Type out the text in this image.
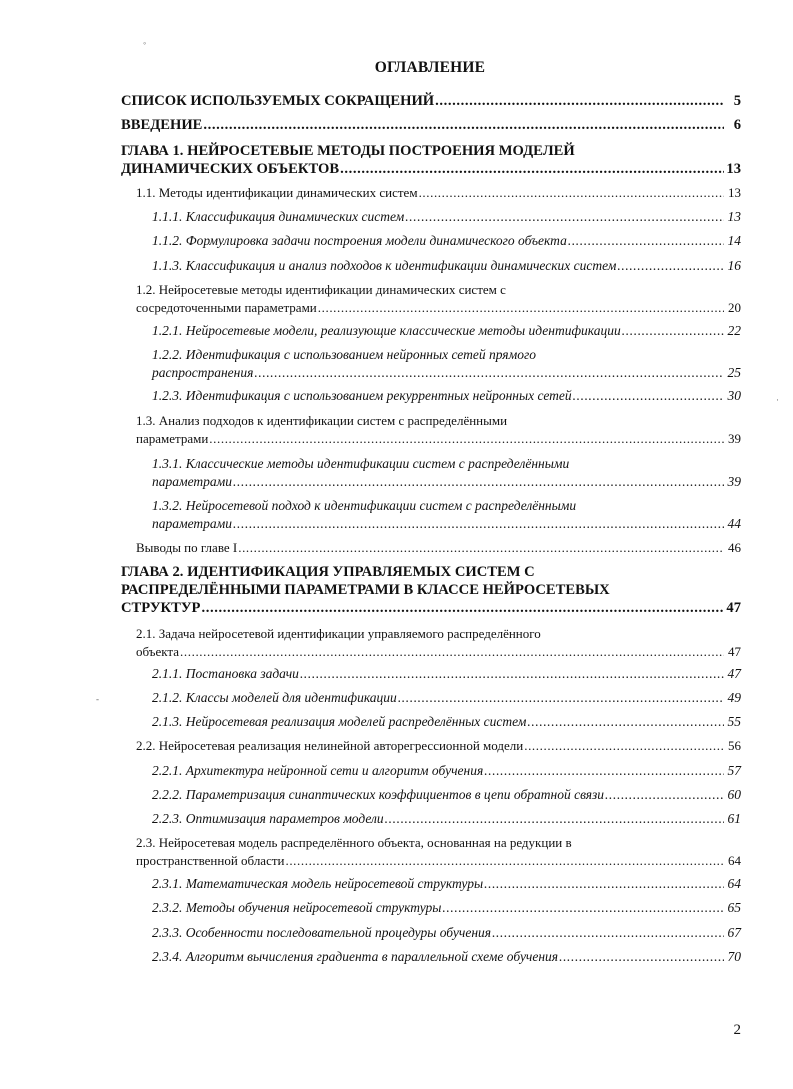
ОГЛАВЛЕНИЕ
СПИСОК ИСПОЛЬЗУЕМЫХ СОКРАЩЕНИЙ .....	5
ВВЕДЕНИЕ .....	6
ГЛАВА 1. НЕЙРОСЕТЕВЫЕ МЕТОДЫ ПОСТРОЕНИЯ МОДЕЛЕЙ
ДИНАМИЧЕСКИХ ОБЪЕКТОВ .....	13
1.1. Методы идентификации динамических систем .....	13
1.1.1. Классификация динамических систем .....	13
1.1.2. Формулировка задачи построения модели динамического объекта .....	14
1.1.3. Классификация и анализ подходов к идентификации динамических систем .....	16
1.2. Нейросетевые методы идентификации динамических систем с
сосредоточенными параметрами .....	20
1.2.1. Нейросетевые модели, реализующие классические методы идентификации .....	22
1.2.2. Идентификация с использованием нейронных сетей прямого
распространения .....	25
1.2.3. Идентификация с использованием рекуррентных нейронных сетей .....	30
1.3. Анализ подходов к идентификации систем с распределёнными
параметрами .....	39
1.3.1. Классические методы идентификации систем с распределёнными
параметрами .....	39
1.3.2. Нейросетевой подход к идентификации систем с распределёнными
параметрами .....	44
Выводы по главе I .....	46
ГЛАВА 2. ИДЕНТИФИКАЦИЯ УПРАВЛЯЕМЫХ СИСТЕМ С
РАСПРЕДЕЛЁННЫМИ ПАРАМЕТРАМИ В КЛАССЕ НЕЙРОСЕТЕВЫХ
СТРУКТУР .....	47
2.1. Задача нейросетевой идентификации управляемого распределённого
объекта .....	47
2.1.1. Постановка задачи .....	47
2.1.2. Классы моделей для идентификации .....	49
2.1.3. Нейросетевая реализация моделей распределённых систем .....	55
2.2. Нейросетевая реализация нелинейной авторегрессионной модели .....	56
2.2.1. Архитектура нейронной сети и алгоритм обучения .....	57
2.2.2. Параметризация синаптических коэффициентов в цепи обратной связи .....	60
2.2.3. Оптимизация параметров модели .....	61
2.3. Нейросетевая модель распределённого объекта, основанная на редукции в
пространственной области .....	64
2.3.1. Математическая модель нейросетевой структуры .....	64
2.3.2. Методы обучения нейросетевой структуры .....	65
2.3.3. Особенности последовательной процедуры обучения .....	67
2.3.4. Алгоритм вычисления градиента в параллельной схеме обучения .....	70
2
◦
·
-
